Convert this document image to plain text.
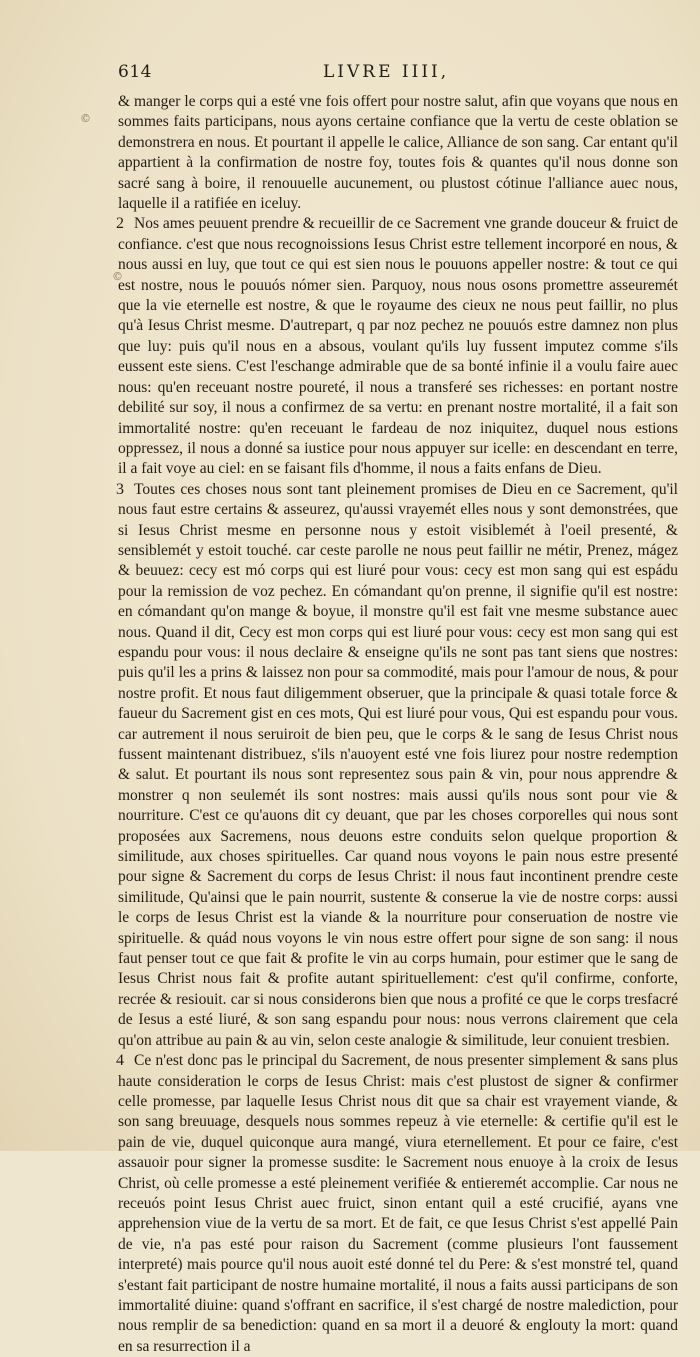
614	LIVRE IIII,
©
©

& manger le corps qui a esté vne fois offert pour nostre salut, afin que voyans que nous en sommes faits participans, nous ayons certaine confiance que la vertu de ceste oblation se demonstrera en nous. Et pourtant il appelle le calice, Alliance de son sang. Car entant qu'il appartient à la confirmation de nostre foy, toutes fois & quantes qu'il nous donne son sacré sang à boire, il renouuelle aucunement, ou plustost cótinue l'alliance auec nous, laquelle il a ratifiée en iceluy.

2 Nos ames peuuent prendre & recueillir de ce Sacrement vne grande douceur & fruict de confiance. c'est que nous recognoissions Iesus Christ estre tellement incorporé en nous, & nous aussi en luy, que tout ce qui est sien nous le pouuons appeller nostre: & tout ce qui est nostre, nous le pouuós nómer sien. Parquoy, nous nous osons promettre asseuremét que la vie eternelle est nostre, & que le royaume des cieux ne nous peut faillir, no plus qu'à Iesus Christ mesme. D'autrepart, q par noz pechez ne pouuós estre damnez non plus que luy: puis qu'il nous en a absous, voulant qu'ils luy fussent imputez comme s'ils eussent este siens. C'est l'eschange admirable que de sa bonté infinie il a voulu faire auec nous: qu'en receuant nostre poureté, il nous a transferé ses richesses: en portant nostre debilité sur soy, il nous a confirmez de sa vertu: en prenant nostre mortalité, il a fait son immortalité nostre: qu'en receuant le fardeau de noz iniquitez, duquel nous estions oppressez, il nous a donné sa iustice pour nous appuyer sur icelle: en descendant en terre, il a fait voye au ciel: en se faisant fils d'homme, il nous a faits enfans de Dieu.

3 Toutes ces choses nous sont tant pleinement promises de Dieu en ce Sacrement, qu'il nous faut estre certains & asseurez, qu'aussi vrayemét elles nous y sont demonstrées, que si Iesus Christ mesme en personne nous y estoit visiblemét à l'oeil presenté, & sensiblemét y estoit touché. car ceste parolle ne nous peut faillir ne métir, Prenez, mágez & beuuez: cecy est mó corps qui est liuré pour vous: cecy est mon sang qui est espádu pour la remission de voz pechez. En cómandant qu'on prenne, il signifie qu'il est nostre: en cómandant qu'on mange & boyue, il monstre qu'il est fait vne mesme substance auec nous. Quand il dit, Cecy est mon corps qui est liuré pour vous: cecy est mon sang qui est espandu pour vous: il nous declaire & enseigne qu'ils ne sont pas tant siens que nostres: puis qu'il les a prins & laissez non pour sa commodité, mais pour l'amour de nous, & pour nostre profit. Et nous faut diligemment obseruer, que la principale & quasi totale force & faueur du Sacrement gist en ces mots, Qui est liuré pour vous, Qui est espandu pour vous. car autrement il nous seruiroit de bien peu, que le corps & le sang de Iesus Christ nous fussent maintenant distribuez, s'ils n'auoyent esté vne fois liurez pour nostre redemption & salut. Et pourtant ils nous sont representez sous pain & vin, pour nous apprendre & monstrer q non seulemét ils sont nostres: mais aussi qu'ils nous sont pour vie & nourriture. C'est ce qu'auons dit cy deuant, que par les choses corporelles qui nous sont proposées aux Sacremens, nous deuons estre conduits selon quelque proportion & similitude, aux choses spirituelles. Car quand nous voyons le pain nous estre presenté pour signe & Sacrement du corps de Iesus Christ: il nous faut incontinent prendre ceste similitude, Qu'ainsi que le pain nourrit, sustente & conserue la vie de nostre corps: aussi le corps de Iesus Christ est la viande & la nourriture pour conseruation de nostre vie spirituelle. & quád nous voyons le vin nous estre offert pour signe de son sang: il nous faut penser tout ce que fait & profite le vin au corps humain, pour estimer que le sang de Iesus Christ nous fait & profite autant spirituellement: c'est qu'il confirme, conforte, recrée & resiouit. car si nous considerons bien que nous a profité ce que le corps tresfacré de Iesus a esté liuré, & son sang espandu pour nous: nous verrons clairement que cela qu'on attribue au pain & au vin, selon ceste analogie & similitude, leur conuient tresbien.

4 Ce n'est donc pas le principal du Sacrement, de nous presenter simplement & sans plus haute consideration le corps de Iesus Christ: mais c'est plustost de signer & confirmer celle promesse, par laquelle Iesus Christ nous dit que sa chair est vrayement viande, & son sang breuuage, desquels nous sommes repeuz à vie eternelle: & certifie qu'il est le pain de vie, duquel quiconque aura mangé, viura eternellement. Et pour ce faire, c'est assauoir pour signer la promesse susdite: le Sacrement nous enuoye à la croix de Iesus Christ, où celle promesse a esté pleinement verifiée & entieremét accomplie. Car nous ne receuós point Iesus Christ auec fruict, sinon entant quil a esté crucifié, ayans vne apprehension viue de la vertu de sa mort. Et de fait, ce que Iesus Christ s'est appellé Pain de vie, n'a pas esté pour raison du Sacrement (comme plusieurs l'ont faussement interpreté) mais pource qu'il nous auoit esté donné tel du Pere: & s'est monstré tel, quand s'estant fait participant de nostre humaine mortalité, il nous a faits aussi participans de son immortalité diuine: quand s'offrant en sacrifice, il s'est chargé de nostre malediction, pour nous remplir de sa benediction: quand en sa mort il a deuoré & englouty la mort: quand en sa resurrection il a
